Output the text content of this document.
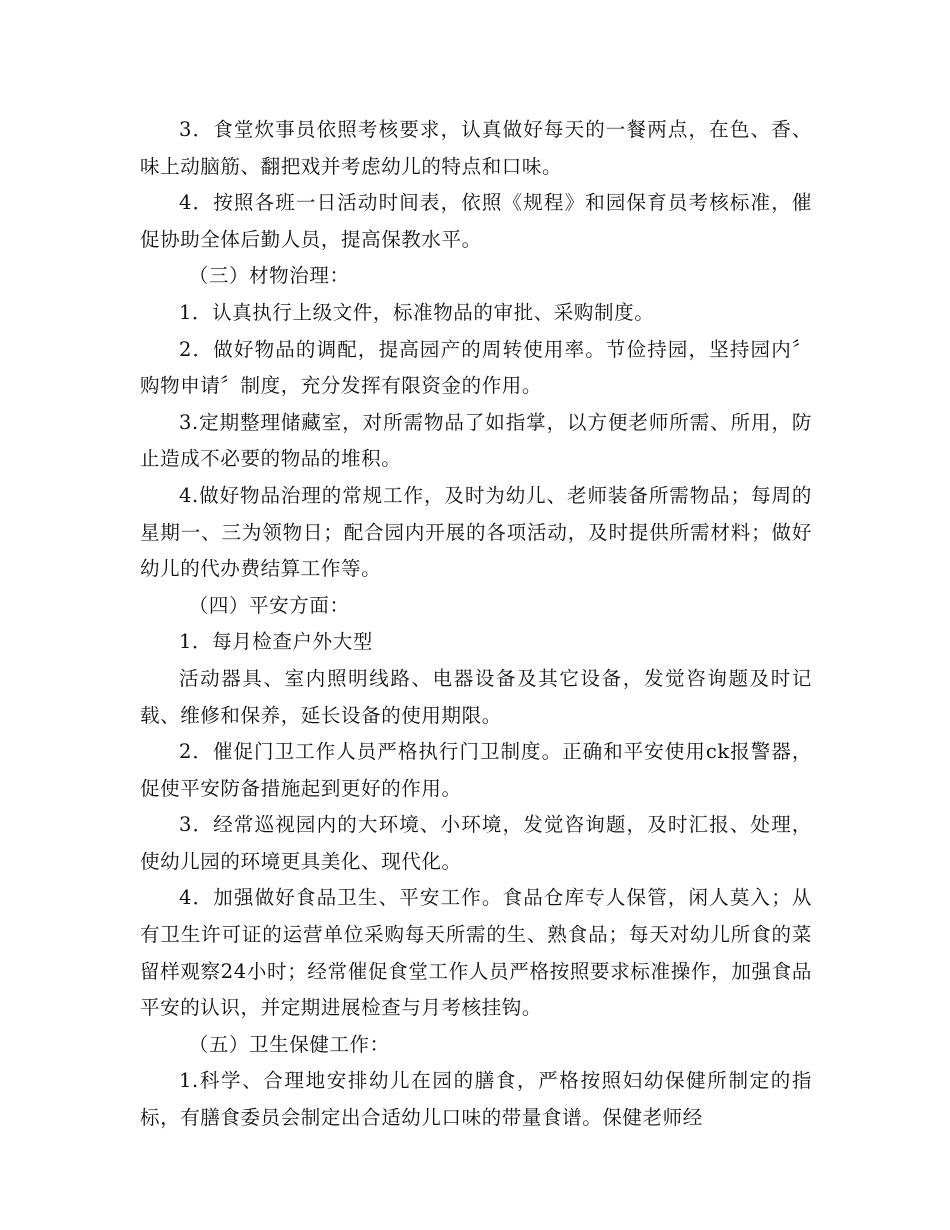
3．食堂炊事员依照考核要求，认真做好每天的一餐两点，在色、香、味上动脑筋、翻把戏并考虑幼儿的特点和口味。

4．按照各班一日活动时间表，依照《规程》和园保育员考核标准，催促协助全体后勤人员，提高保教水平。

（三）材物治理：

1．认真执行上级文件，标准物品的审批、采购制度。

2．做好物品的调配，提高园产的周转使用率。节俭持园，坚持园内〞购物申请〞制度，充分发挥有限资金的作用。

3.定期整理储藏室，对所需物品了如指掌，以方便老师所需、所用，防止造成不必要的物品的堆积。

4.做好物品治理的常规工作，及时为幼儿、老师装备所需物品；每周的星期一、三为领物日；配合园内开展的各项活动，及时提供所需材料；做好幼儿的代办费结算工作等。

（四）平安方面：

1．每月检查户外大型

活动器具、室内照明线路、电器设备及其它设备，发觉咨询题及时记载、维修和保养，延长设备的使用期限。

2．催促门卫工作人员严格执行门卫制度。正确和平安使用ck报警器，促使平安防备措施起到更好的作用。

3．经常巡视园内的大环境、小环境，发觉咨询题，及时汇报、处理，使幼儿园的环境更具美化、现代化。

4．加强做好食品卫生、平安工作。食品仓库专人保管，闲人莫入；从有卫生许可证的运营单位采购每天所需的生、熟食品；每天对幼儿所食的菜留样观察24小时；经常催促食堂工作人员严格按照要求标准操作，加强食品平安的认识，并定期进展检查与月考核挂钩。

（五）卫生保健工作：

1.科学、合理地安排幼儿在园的膳食，严格按照妇幼保健所制定的指标，有膳食委员会制定出合适幼儿口味的带量食谱。保健老师经
